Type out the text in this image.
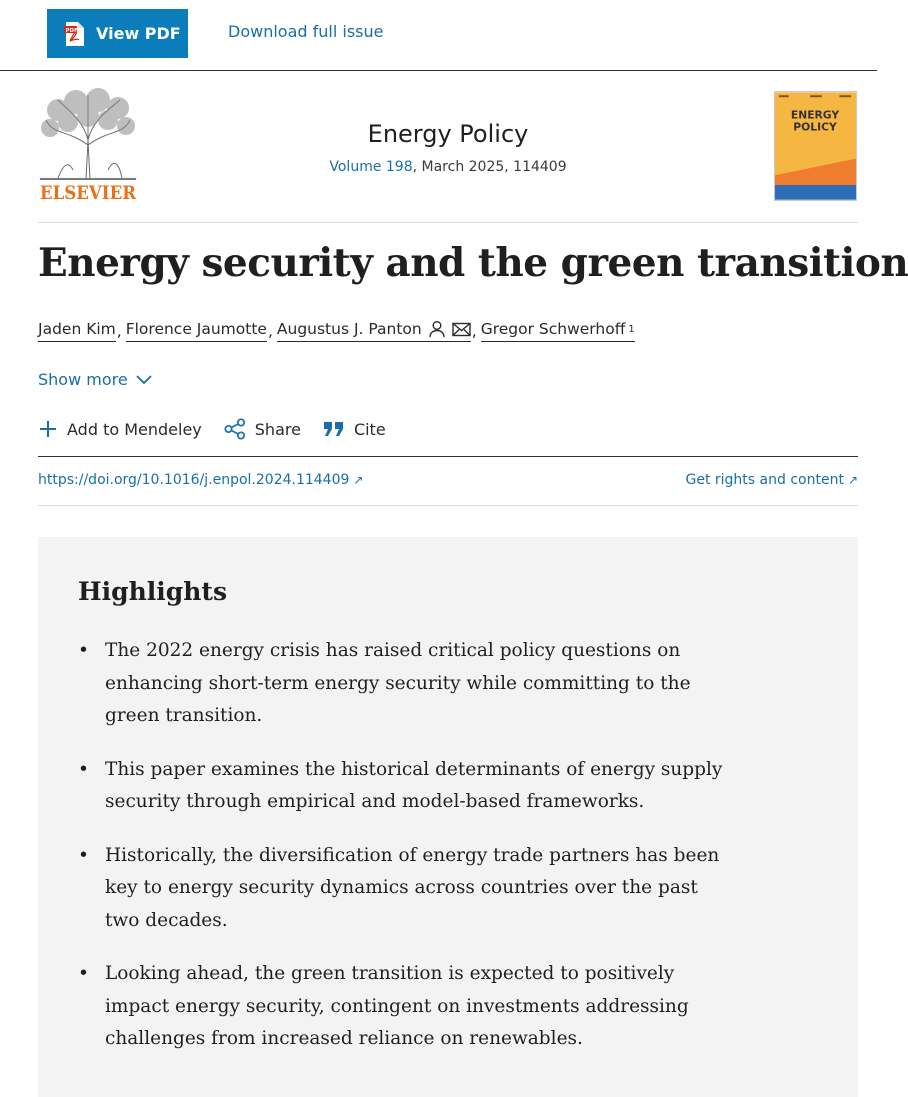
PDF View PDF	Download full issue
ELSEVIER
Energy Policy
Volume 198, March 2025, 114409
ENERGY
POLICY
Energy security and the green transition
Jaden Kim , Florence Jaumotte , Augustus J. Panton	, Gregor Schwerhoff 1
Show more
Add to Mendeley	Share	Cite
https://doi.org/10.1016/j.enpol.2024.114409 ↗	Get rights and content ↗
Highlights
• The 2022 energy crisis has raised critical policy questions on enhancing short-term energy security while committing to the green transition.
• This paper examines the historical determinants of energy supply security through empirical and model-based frameworks.
• Historically, the diversification of energy trade partners has been key to energy security dynamics across countries over the past two decades.
• Looking ahead, the green transition is expected to positively impact energy security, contingent on investments addressing challenges from increased reliance on renewables.
